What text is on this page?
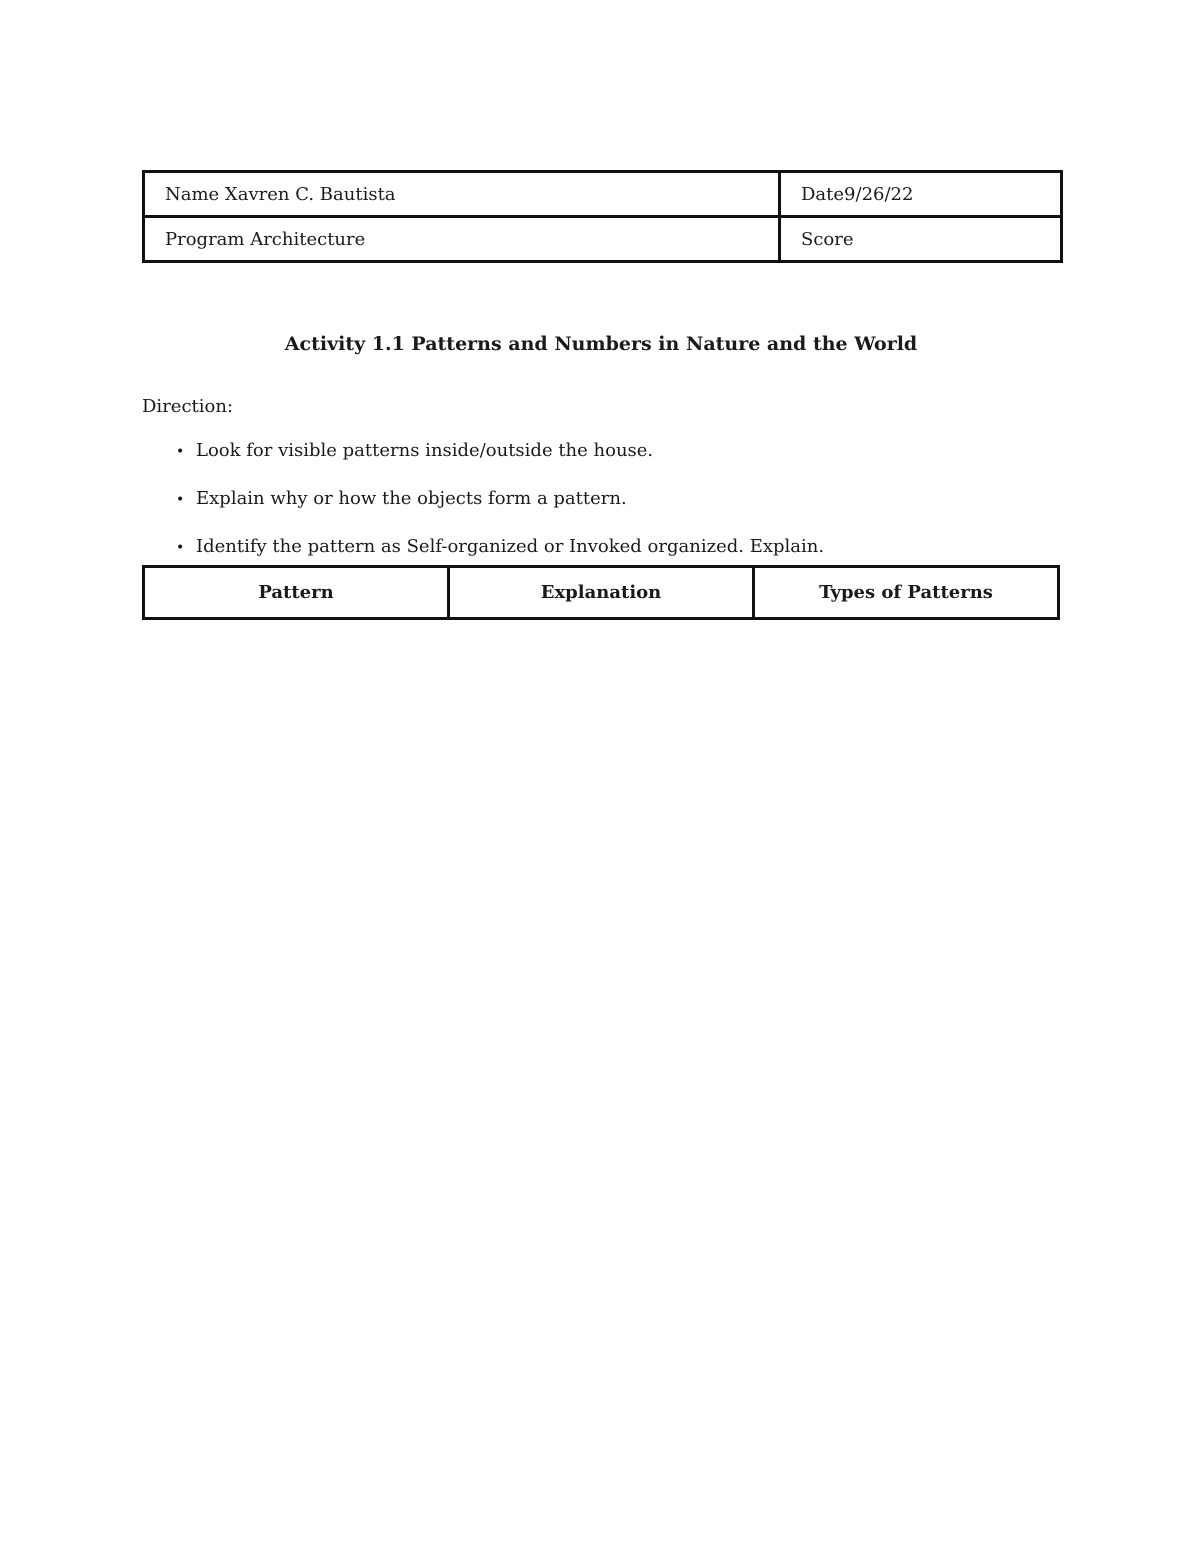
Name Xavren C. Bautista	Date9/26/22
Program Architecture	Score
Activity 1.1 Patterns and Numbers in Nature and the World
Direction:
• Look for visible patterns inside/outside the house.
• Explain why or how the objects form a pattern.
• Identify the pattern as Self-organized or Invoked organized. Explain.
Pattern	Explanation	Types of Patterns
